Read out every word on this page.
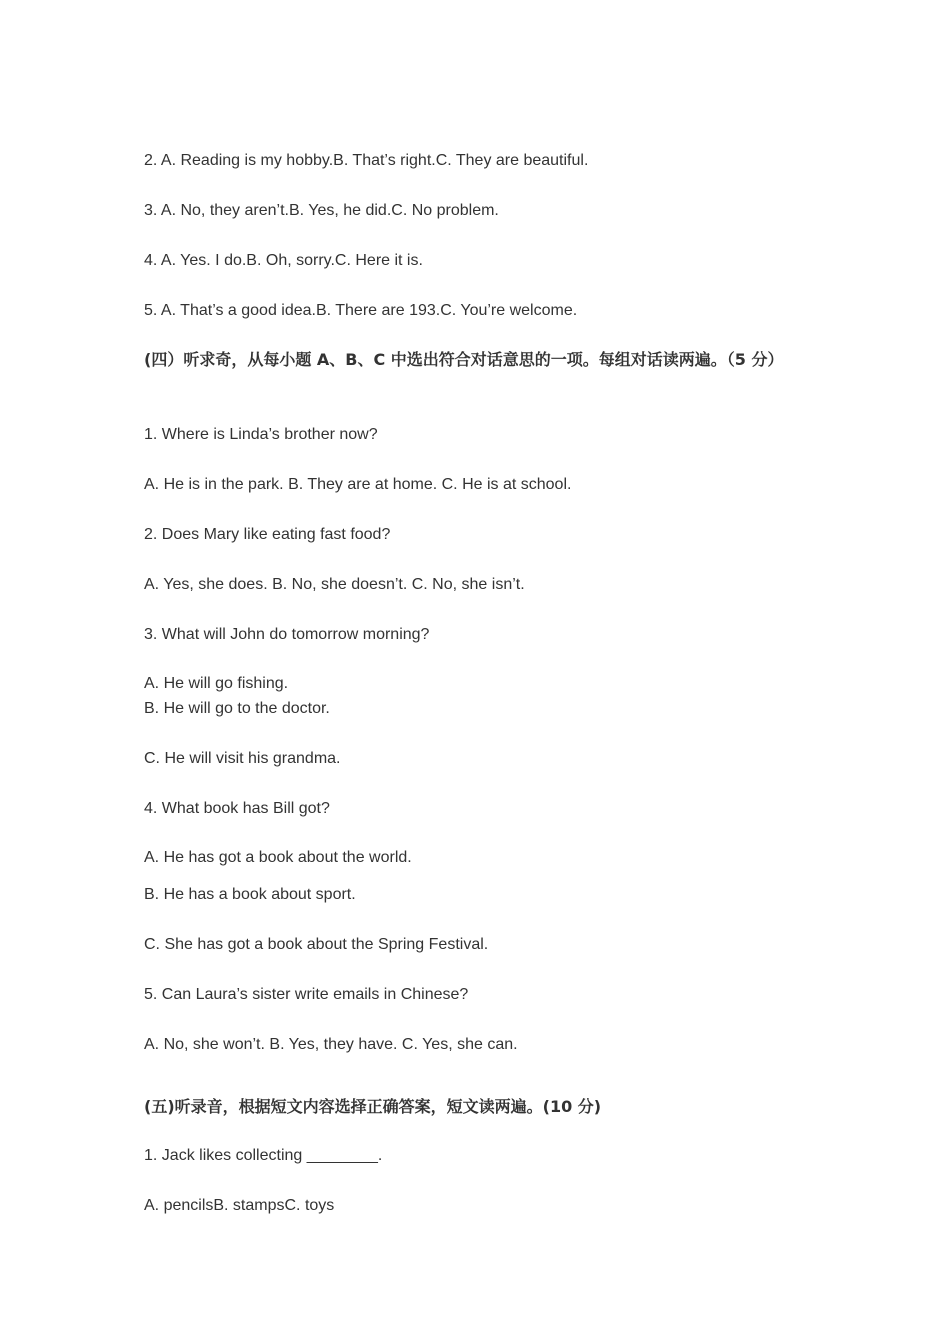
2. A. Reading is my hobby.B. That’s right.C. They are beautiful.
3. A. No, they aren’t.B. Yes, he did.C. No problem.
4. A. Yes. I do.B. Oh, sorry.C. Here it is.
5. A. That’s a good idea.B. There are 193.C. You’re welcome.
(四）听求奇，从每小题 A、B、C 中选出符合对话意思的一项。每组对话读两遍。（5 分）
1. Where is Linda’s brother now?
A. He is in the park. B. They are at home. C. He is at school.
2. Does Mary like eating fast food?
A. Yes, she does. B. No, she doesn’t. C. No, she isn’t.
3. What will John do tomorrow morning?
A. He will go fishing.
B. He will go to the doctor.
C. He will visit his grandma.
4. What book has Bill got?
A. He has got a book about the world.
B. He has a book about sport.
C. She has got a book about the Spring Festival.
5. Can Laura’s sister write emails in Chinese?
A. No, she won’t. B. Yes, they have. C. Yes, she can.
(五)听录音，根据短文内容选择正确答案，短文读两遍。(10 分)
1. Jack likes collecting ________.
A. pencilsB. stampsC. toys
